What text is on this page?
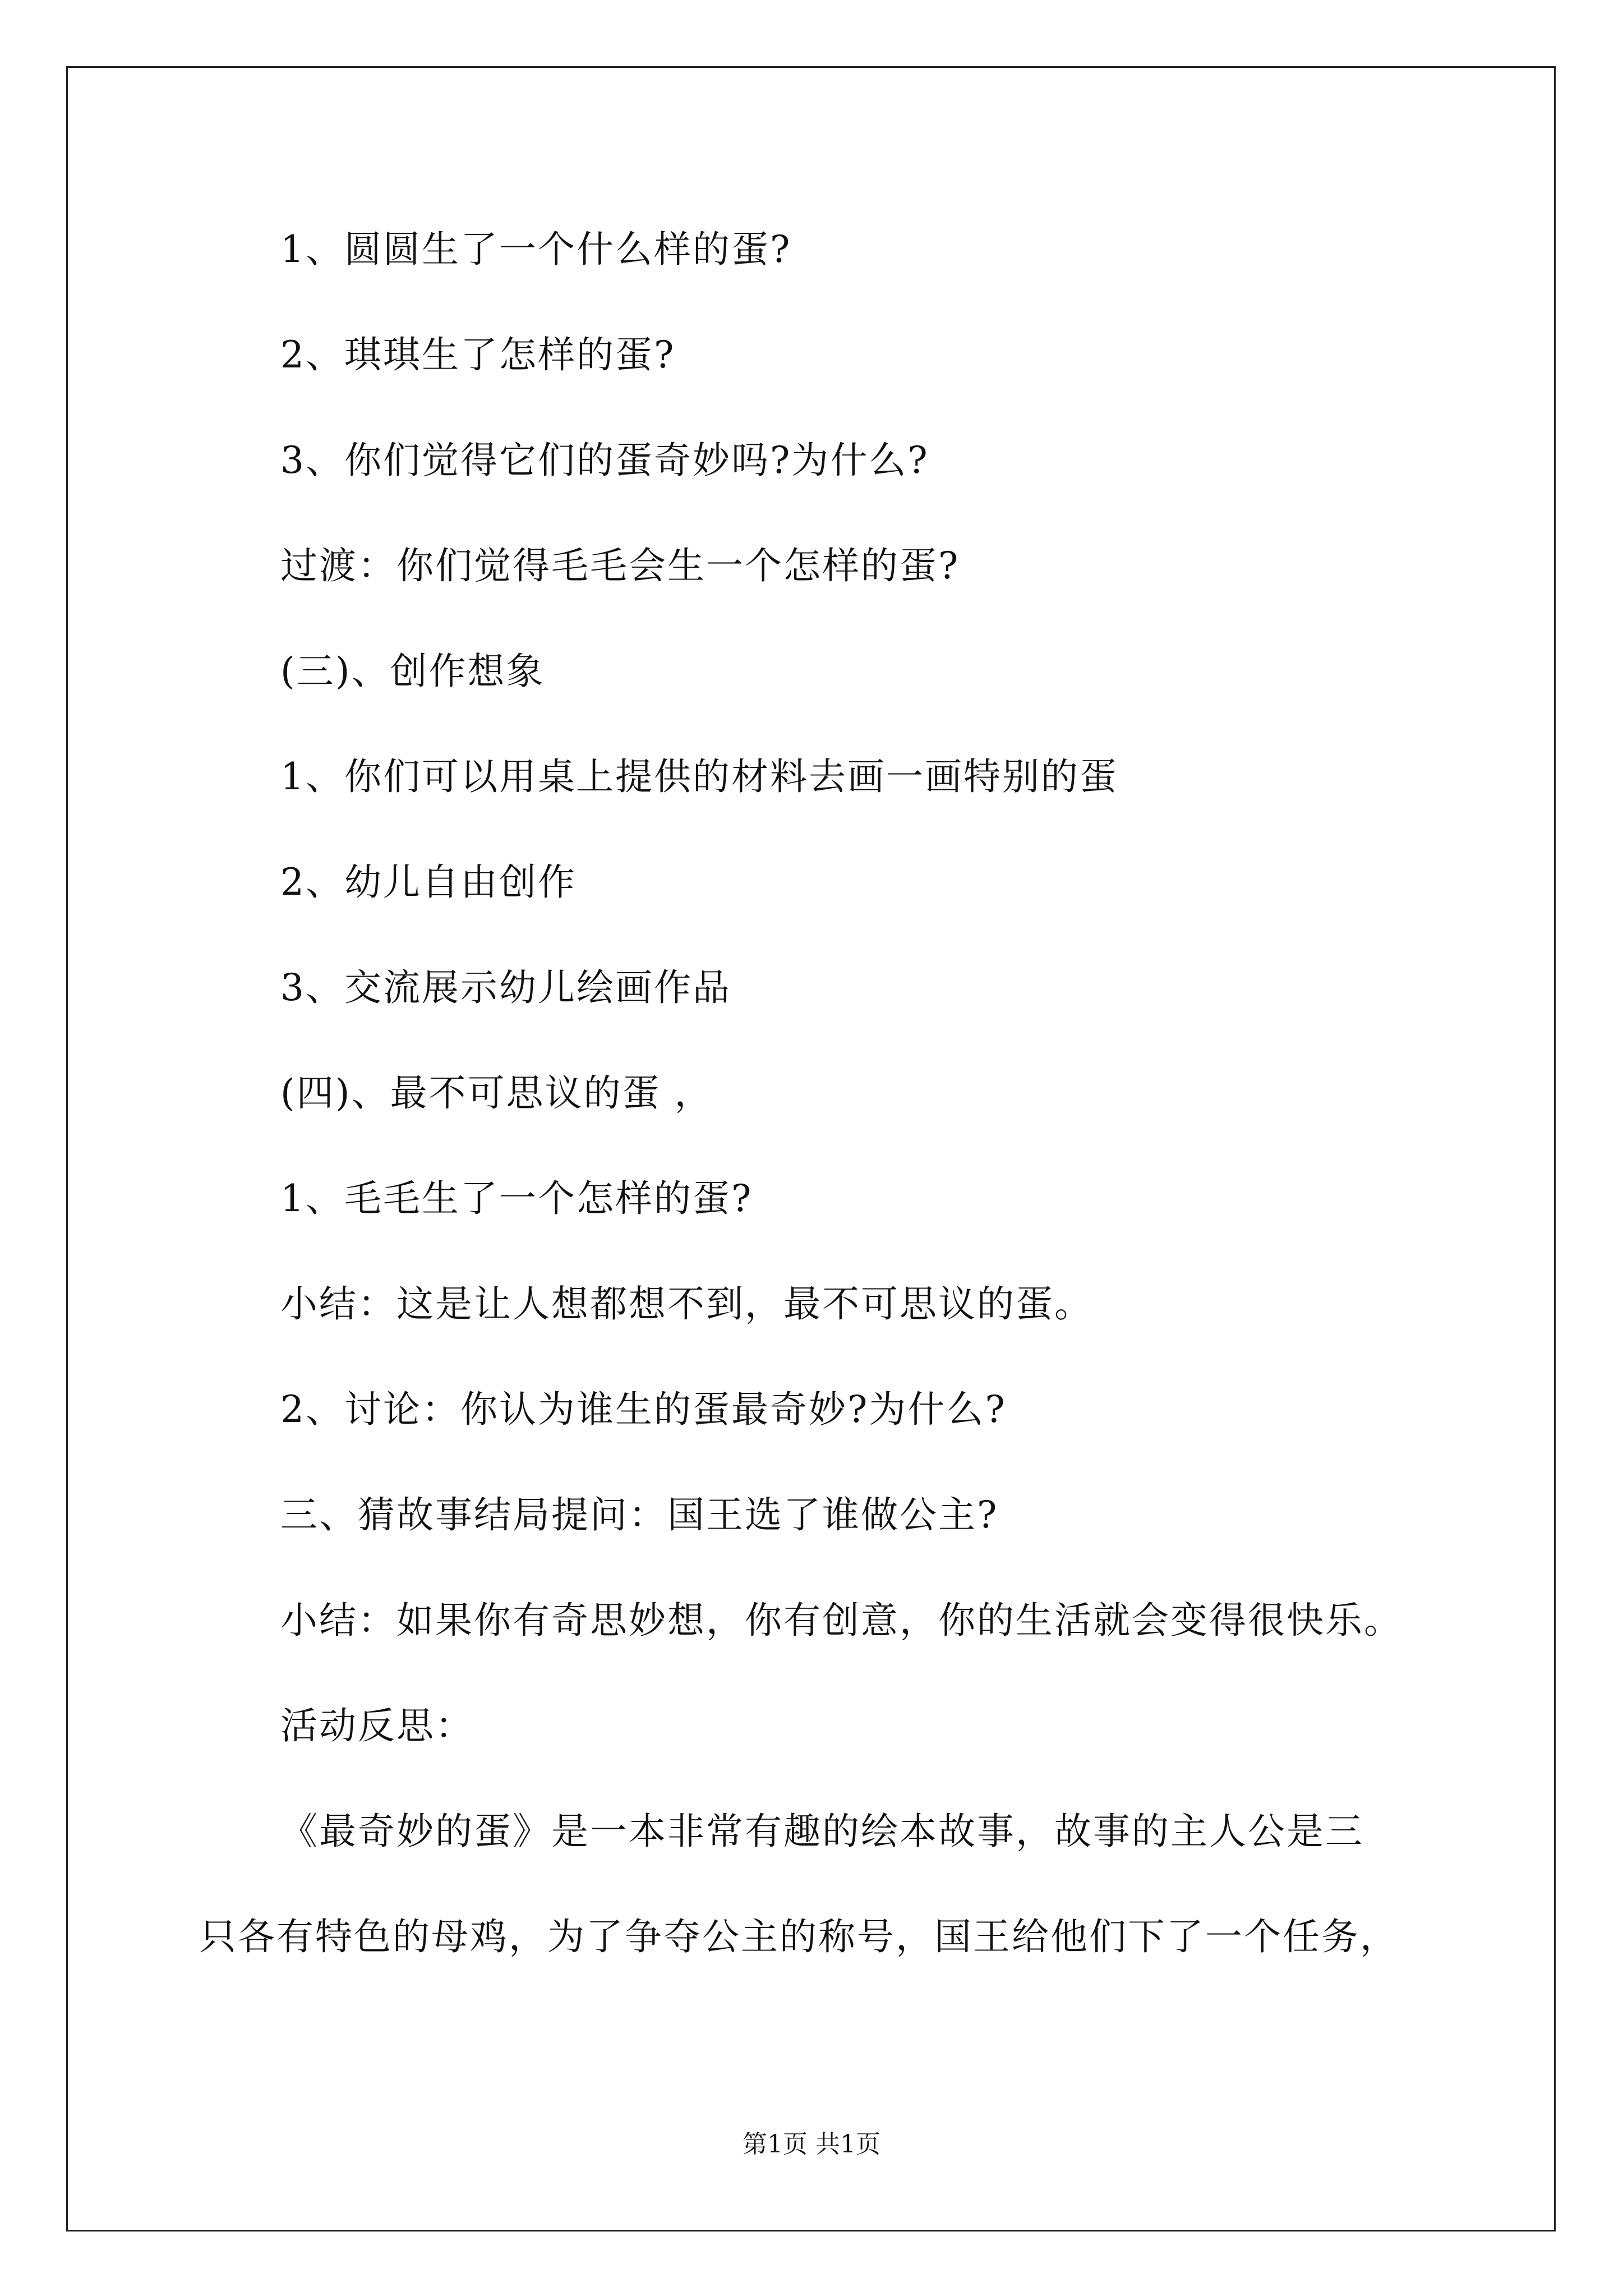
1、圆圆生了一个什么样的蛋?
2、琪琪生了怎样的蛋?
3、你们觉得它们的蛋奇妙吗?为什么?
过渡：你们觉得毛毛会生一个怎样的蛋?
(三)、创作想象
1、你们可以用桌上提供的材料去画一画特别的蛋
2、幼儿自由创作
3、交流展示幼儿绘画作品
(四)、最不可思议的蛋 ，
1、毛毛生了一个怎样的蛋?
小结：这是让人想都想不到，最不可思议的蛋。
2、讨论：你认为谁生的蛋最奇妙?为什么?
三、猜故事结局提问：国王选了谁做公主?
小结：如果你有奇思妙想，你有创意，你的生活就会变得很快乐。
活动反思：
《最奇妙的蛋》是一本非常有趣的绘本故事，故事的主人公是三
只各有特色的母鸡，为了争夺公主的称号，国王给他们下了一个任务，
第1页 共1页
